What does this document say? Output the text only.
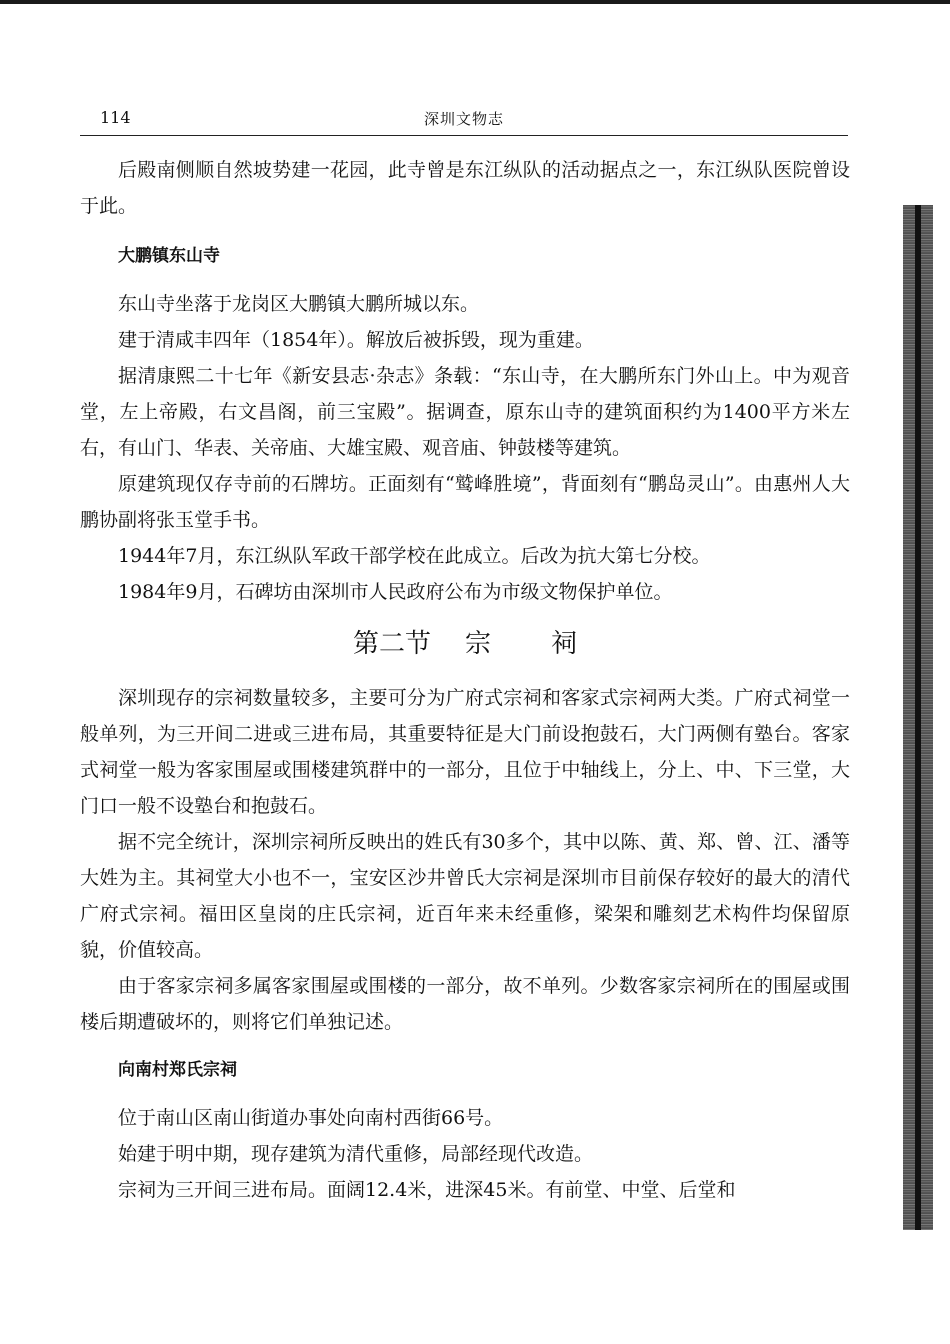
114	深圳文物志

后殿南侧顺自然坡势建一花园，此寺曾是东江纵队的活动据点之一，东江纵队医院曾设于此。

大鹏镇东山寺

东山寺坐落于龙岗区大鹏镇大鹏所城以东。

建于清咸丰四年（1854年）。解放后被拆毁，现为重建。

据清康熙二十七年《新安县志·杂志》条载：“东山寺，在大鹏所东门外山上。中为观音堂，左上帝殿，右文昌阁，前三宝殿”。据调查，原东山寺的建筑面积约为1400平方米左右，有山门、华表、关帝庙、大雄宝殿、观音庙、钟鼓楼等建筑。

原建筑现仅存寺前的石牌坊。正面刻有“鹫峰胜境”，背面刻有“鹏岛灵山”。由惠州人大鹏协副将张玉堂手书。

1944年7月，东江纵队军政干部学校在此成立。后改为抗大第七分校。

1984年9月，石碑坊由深圳市人民政府公布为市级文物保护单位。

第二节 宗 祠

深圳现存的宗祠数量较多，主要可分为广府式宗祠和客家式宗祠两大类。广府式祠堂一般单列，为三开间二进或三进布局，其重要特征是大门前设抱鼓石，大门两侧有塾台。客家式祠堂一般为客家围屋或围楼建筑群中的一部分，且位于中轴线上，分上、中、下三堂，大门口一般不设塾台和抱鼓石。

据不完全统计，深圳宗祠所反映出的姓氏有30多个，其中以陈、黄、郑、曾、江、潘等大姓为主。其祠堂大小也不一，宝安区沙井曾氏大宗祠是深圳市目前保存较好的最大的清代广府式宗祠。福田区皇岗的庄氏宗祠，近百年来未经重修，梁架和雕刻艺术构件均保留原貌，价值较高。

由于客家宗祠多属客家围屋或围楼的一部分，故不单列。少数客家宗祠所在的围屋或围楼后期遭破坏的，则将它们单独记述。

向南村郑氏宗祠

位于南山区南山街道办事处向南村西街66号。

始建于明中期，现存建筑为清代重修，局部经现代改造。

宗祠为三开间三进布局。面阔12.4米，进深45米。有前堂、中堂、后堂和
